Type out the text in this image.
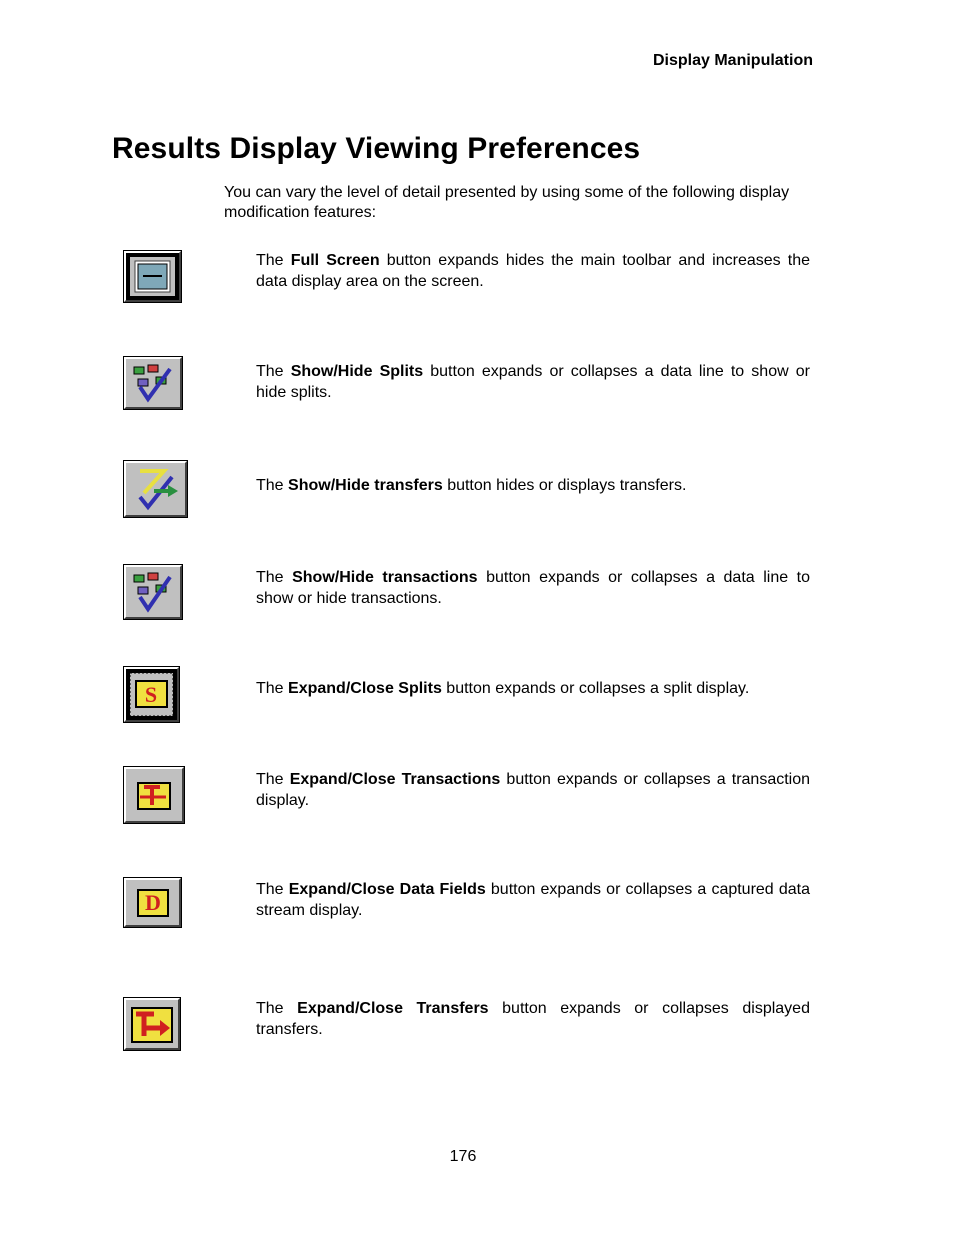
Display Manipulation
Results Display Viewing Preferences

You can vary the level of detail presented by using some of the following display modification features:

The Full Screen button expands hides the main toolbar and increases the data display area on the screen.

The Show/Hide Splits button expands or collapses a data line to show or hide splits.

The Show/Hide transfers button hides or displays transfers.

The Show/Hide transactions button expands or collapses a data line to show or hide transactions.

S	The Expand/Close Splits button expands or collapses a split display.

The Expand/Close Transactions button expands or collapses a transaction display.

D

The Expand/Close Data Fields button expands or collapses a captured data stream display.

The Expand/Close Transfers button expands or collapses displayed transfers.

176
